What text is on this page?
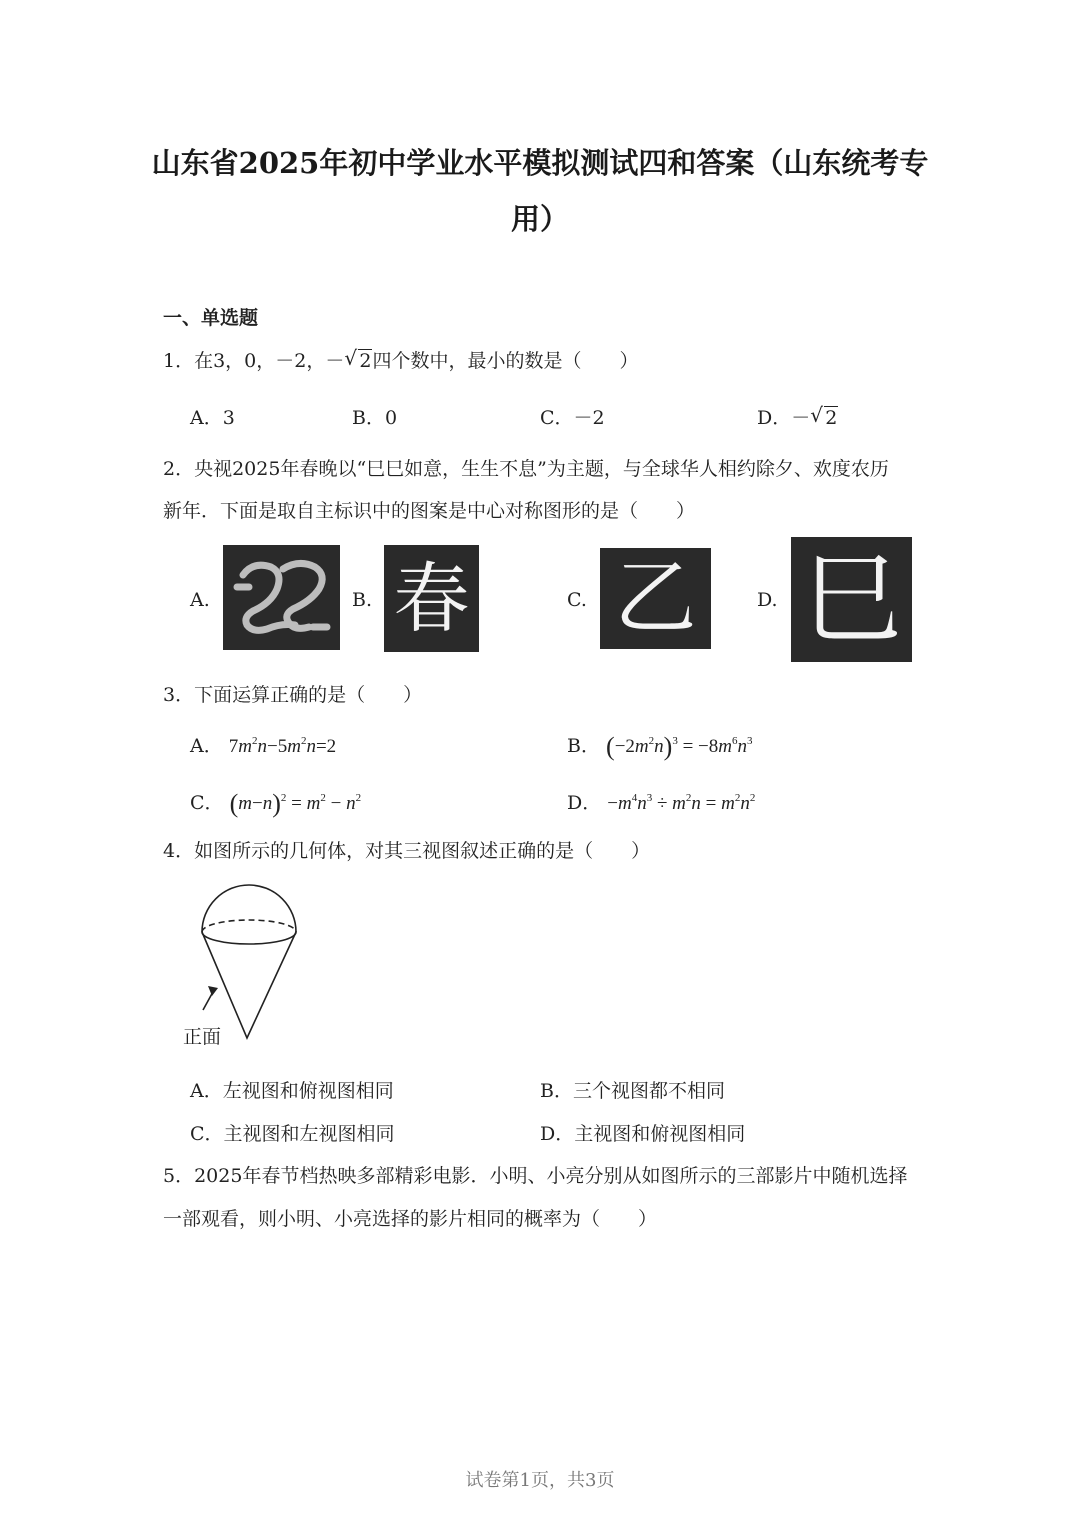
山东省2025年初中学业水平模拟测试四和答案（山东统考专
用）
一、单选题
1．在3，0，－2，－ √ 2四个数中，最小的数是（　　）
A．3	B．0	C．－2	D．－ √ 2
2．央视2025年春晚以“巳巳如意，生生不息”为主题，与全球华人相约除夕、欢度农历
新年．下面是取自主标识中的图案是中心对称图形的是（　　）
A.	B. 春	C. 乙	D. 巳
3．下面运算正确的是（　　）
A． $7m^2n-5m^2n=2$	B． $(-2m^2n)^3 = -8m^6n^3$
C． $(m-n)^2 = m^2 - n^2$	D． $-m^4n^3 \div m^2n = m^2n^2$
4．如图所示的几何体，对其三视图叙述正确的是（　　）
正面
A．左视图和俯视图相同	B．三个视图都不相同
C．主视图和左视图相同	D．主视图和俯视图相同
5．2025年春节档热映多部精彩电影．小明、小亮分别从如图所示的三部影片中随机选择
一部观看，则小明、小亮选择的影片相同的概率为（　　）
试卷第1页，共3页
